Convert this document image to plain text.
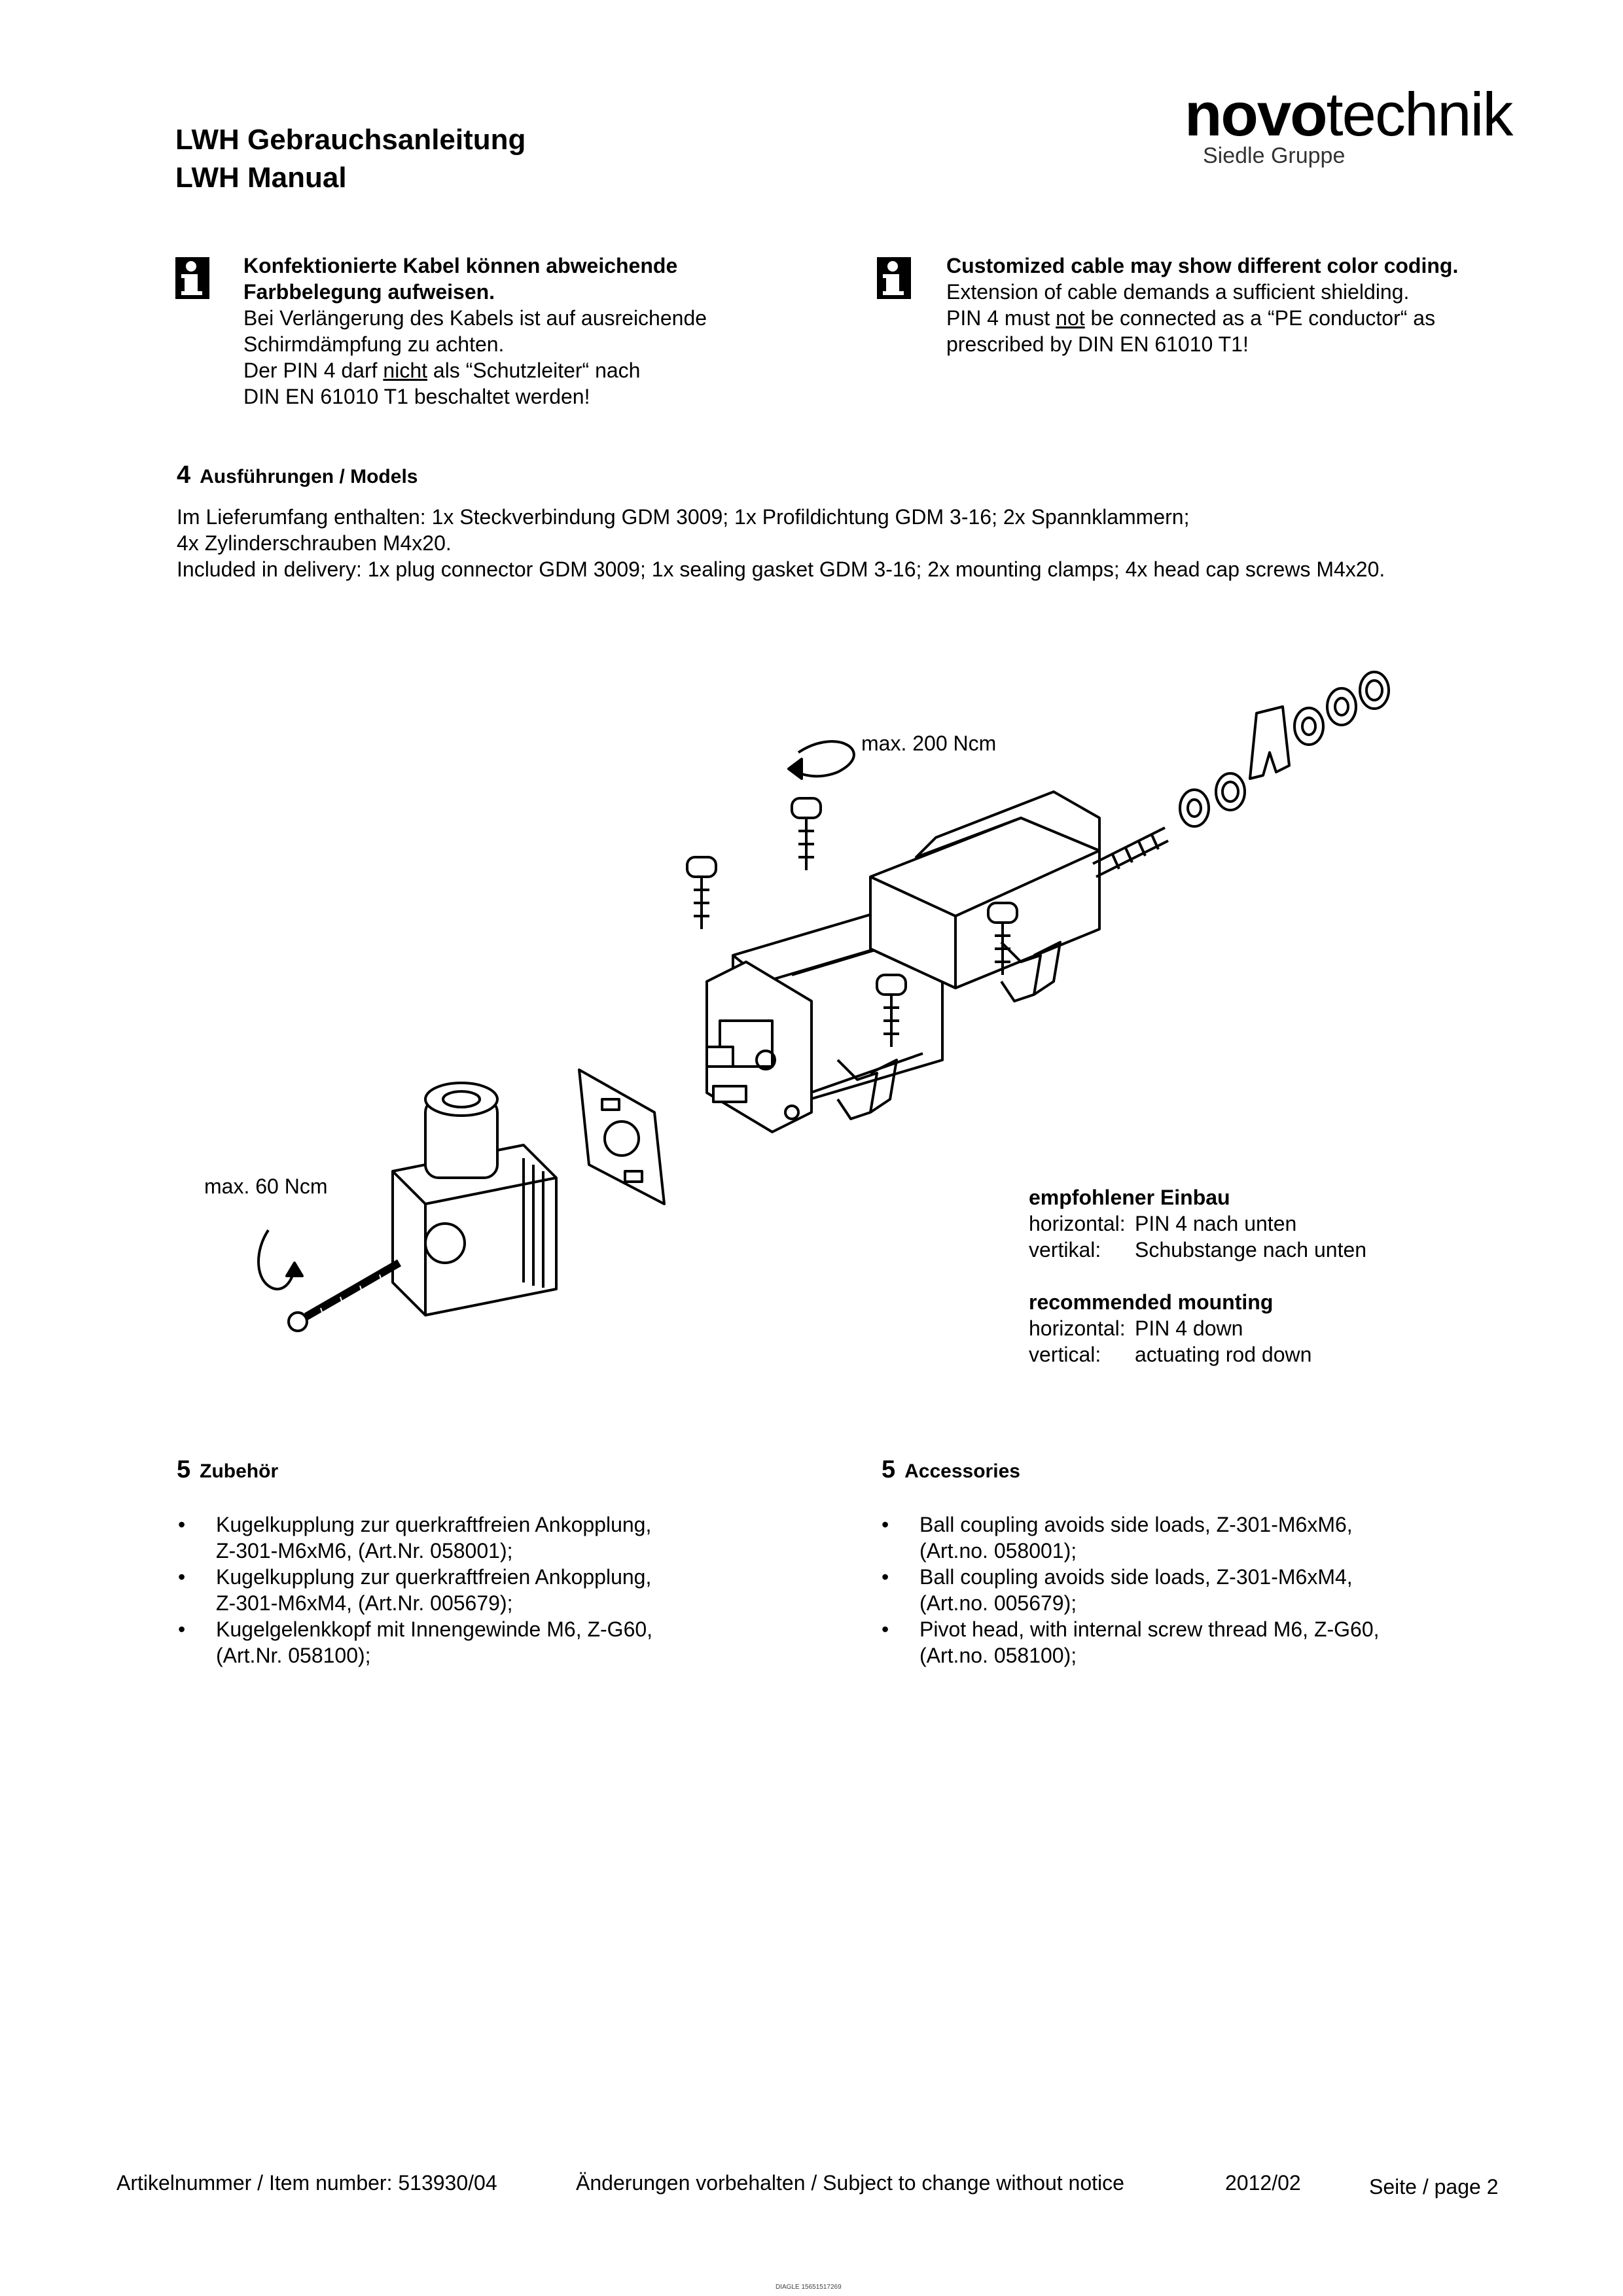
LWH Gebrauchsanleitung
LWH Manual
novotechnik
Siedle Gruppe
Konfektionierte Kabel können abweichende
Farbbelegung aufweisen.
Bei Verlängerung des Kabels ist auf ausreichende
Schirmdämpfung zu achten.
Der PIN 4 darf nicht als “Schutzleiter“ nach
DIN EN 61010 T1 beschaltet werden!
Customized cable may show different color coding.
Extension of cable demands a sufficient shielding.
PIN 4 must not be connected as a “PE conductor“ as
prescribed by DIN EN 61010 T1!
4 Ausführungen / Models
Im Lieferumfang enthalten: 1x Steckverbindung GDM 3009; 1x Profildichtung GDM 3-16; 2x Spannklammern;
4x Zylinderschrauben M4x20.
Included in delivery: 1x plug connector GDM 3009; 1x sealing gasket GDM 3-16; 2x mounting clamps; 4x head cap screws M4x20.
max. 200 Ncm
max. 60 Ncm	empfohlener Einbau
horizontal: PIN 4 nach unten
vertikal: Schubstange nach unten
recommended mounting
horizontal: PIN 4 down
vertical: actuating rod down
5 Zubehör
• Kugelkupplung zur querkraftfreien Ankopplung,
Z-301-M6xM6, (Art.Nr. 058001);
• Kugelkupplung zur querkraftfreien Ankopplung,
Z-301-M6xM4, (Art.Nr. 005679);
• Kugelgelenkkopf mit Innengewinde M6, Z-G60,
(Art.Nr. 058100);
5 Accessories
• Ball coupling avoids side loads, Z-301-M6xM6,
(Art.no. 058001);
• Ball coupling avoids side loads, Z-301-M6xM4,
(Art.no. 005679);
• Pivot head, with internal screw thread M6, Z-G60,
(Art.no. 058100);
Artikelnummer / Item number: 513930/04	Änderungen vorbehalten / Subject to change without notice	2012/02	Seite / page 2
DIAGLE 15651517269
